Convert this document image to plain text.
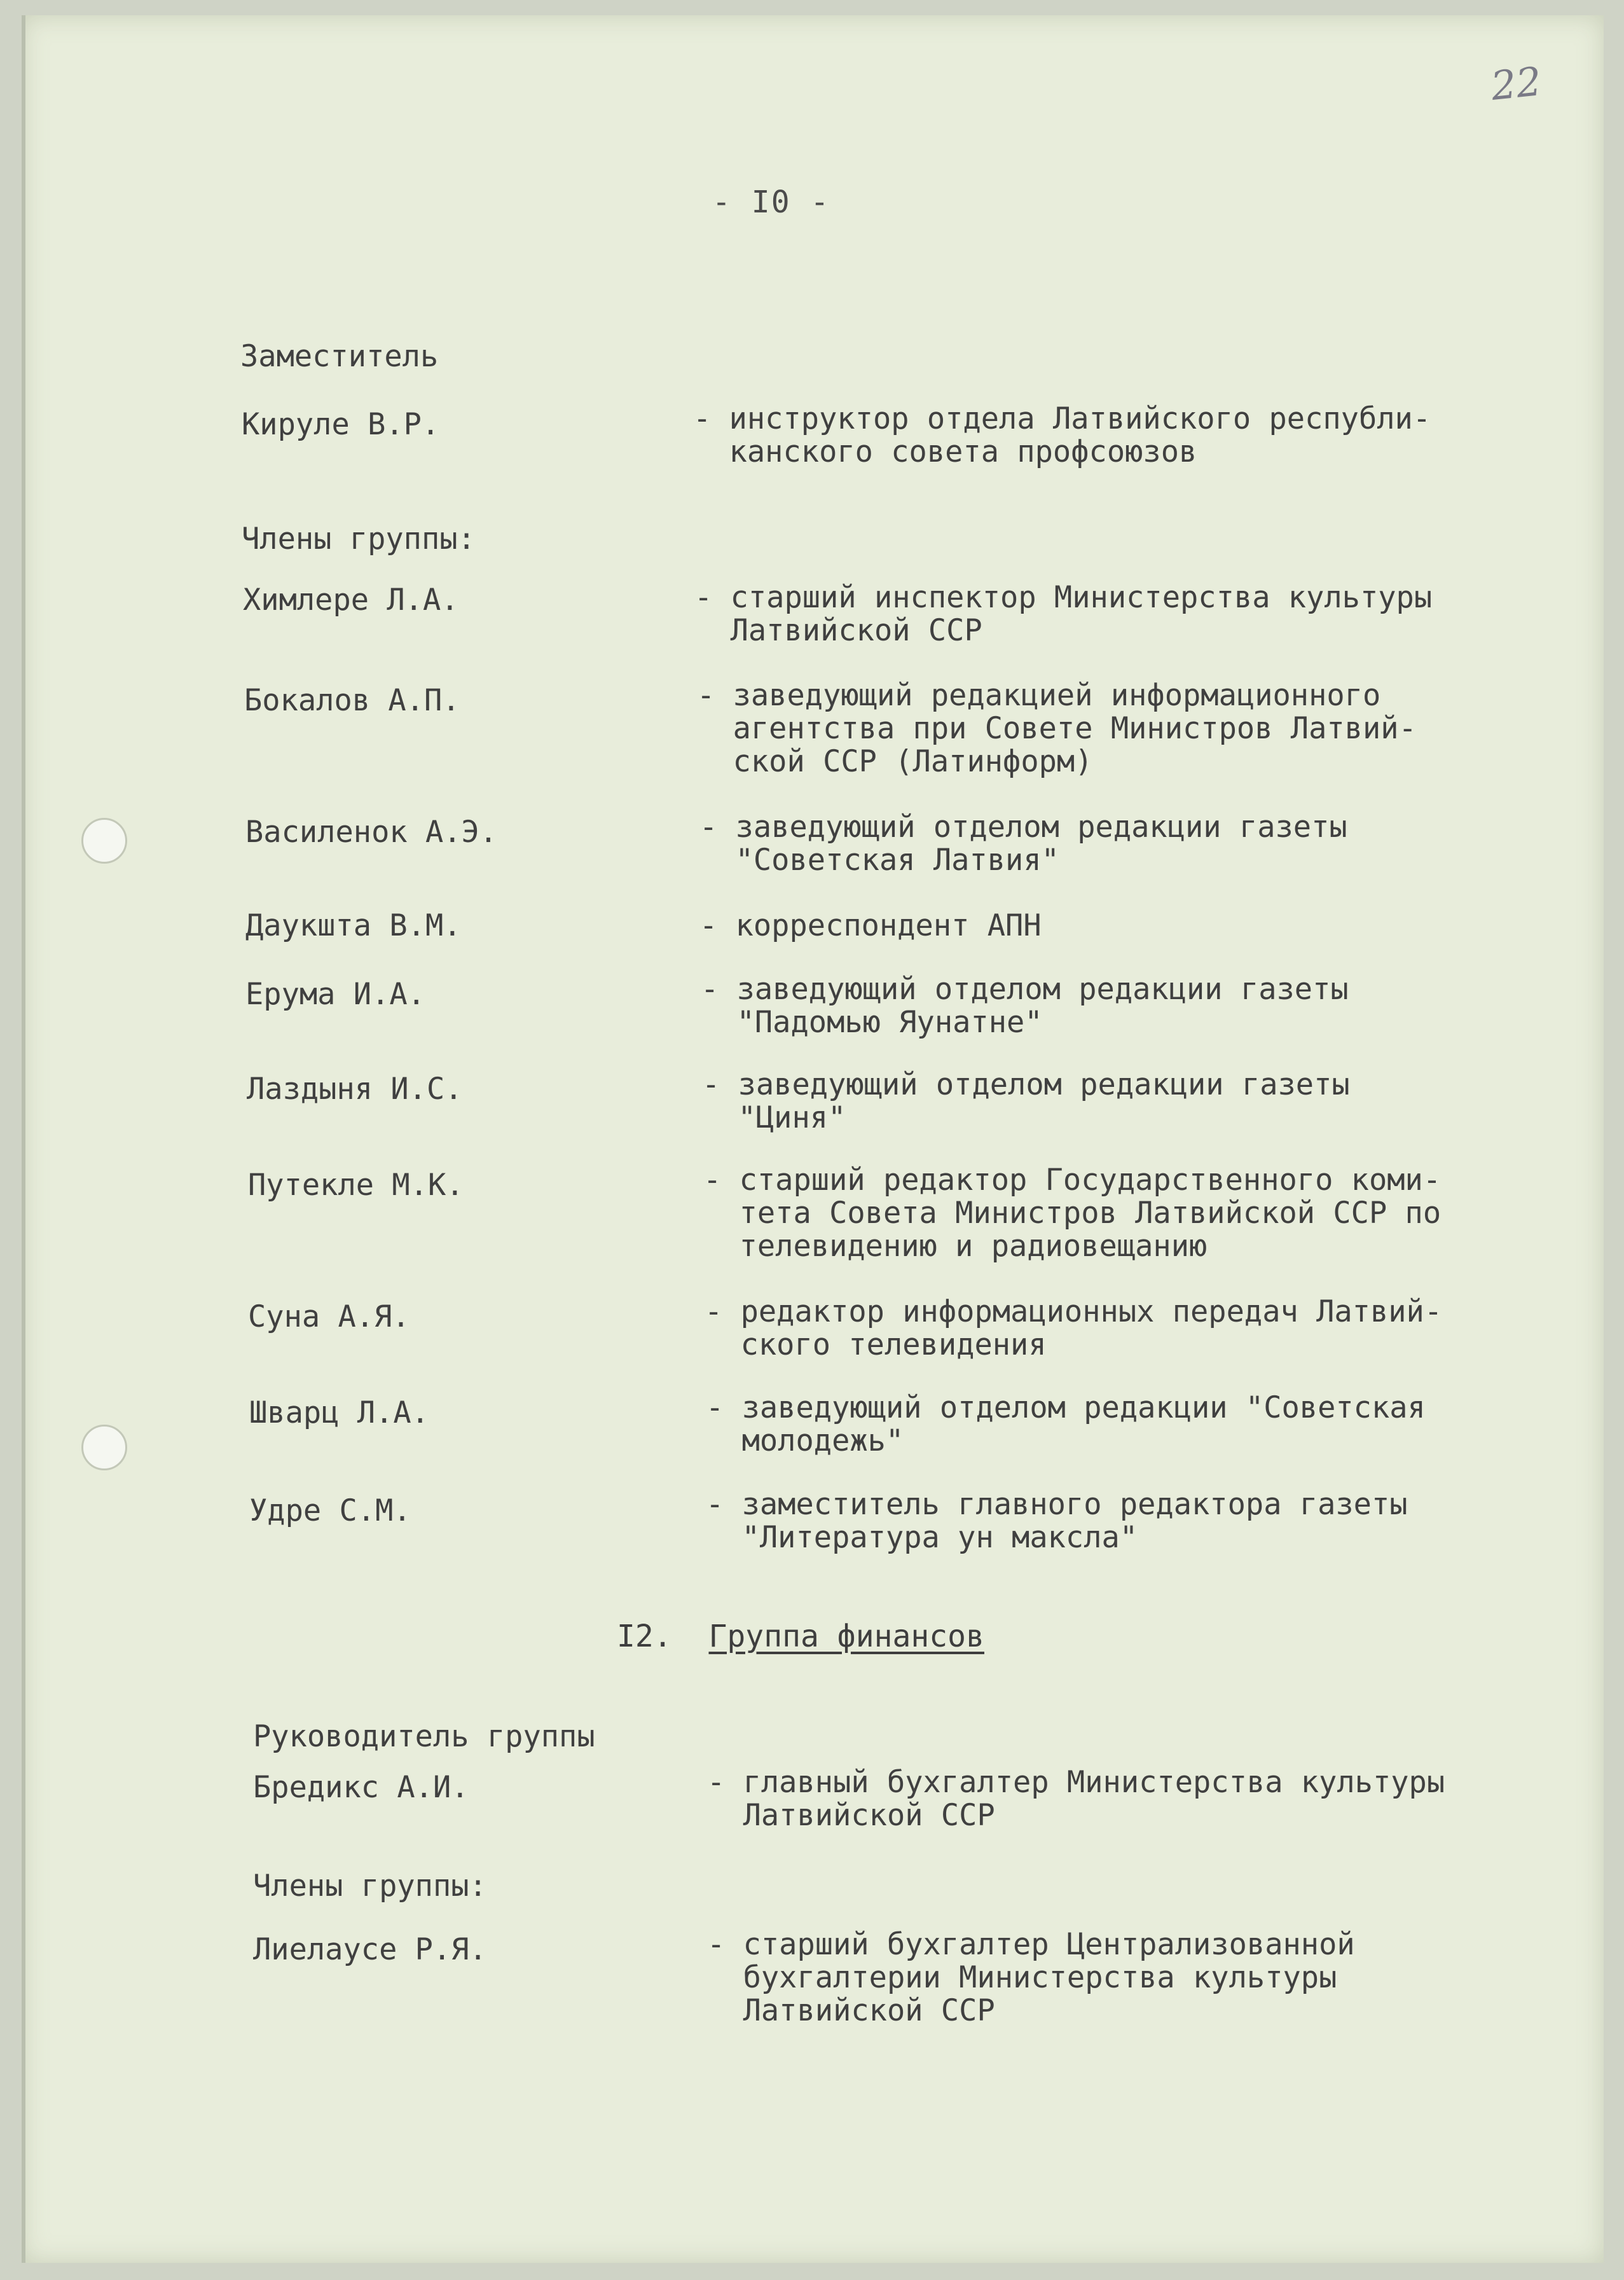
22
- I0 -
Заместитель
Кируле В.Р.	- инструктор отдела Латвийского республи-
канского совета профсоюзов
Члены группы:
Химлере Л.А.	- старший инспектор Министерства культуры
Латвийской ССР
Бокалов А.П.	- заведующий редакцией информационного
агентства при Совете Министров Латвий-
ской ССР (Латинформ)
Василенок А.Э.	- заведующий отделом редакции газеты
"Советская Латвия"
Даукшта В.М.	- корреспондент АПН
Ерума И.А.	- заведующий отделом редакции газеты
"Падомью Яунатне"
Лаздыня И.С.	- заведующий отделом редакции газеты
"Циня"
Путекле М.К.	- старший редактор Государственного коми-
тета Совета Министров Латвийской ССР по
телевидению и радиовещанию
Суна А.Я.	- редактор информационных передач Латвий-
ского телевидения
Шварц Л.А.	- заведующий отделом редакции "Советская
молодежь"
Удре С.М.	- заместитель главного редактора газеты
"Литература ун максла"
I2. Группа финансов
Руководитель группы
Бредикс А.И.	- главный бухгалтер Министерства культуры
Латвийской ССР
Члены группы:
Лиелаусе Р.Я.	- старший бухгалтер Централизованной
бухгалтерии Министерства культуры
Латвийской ССР
